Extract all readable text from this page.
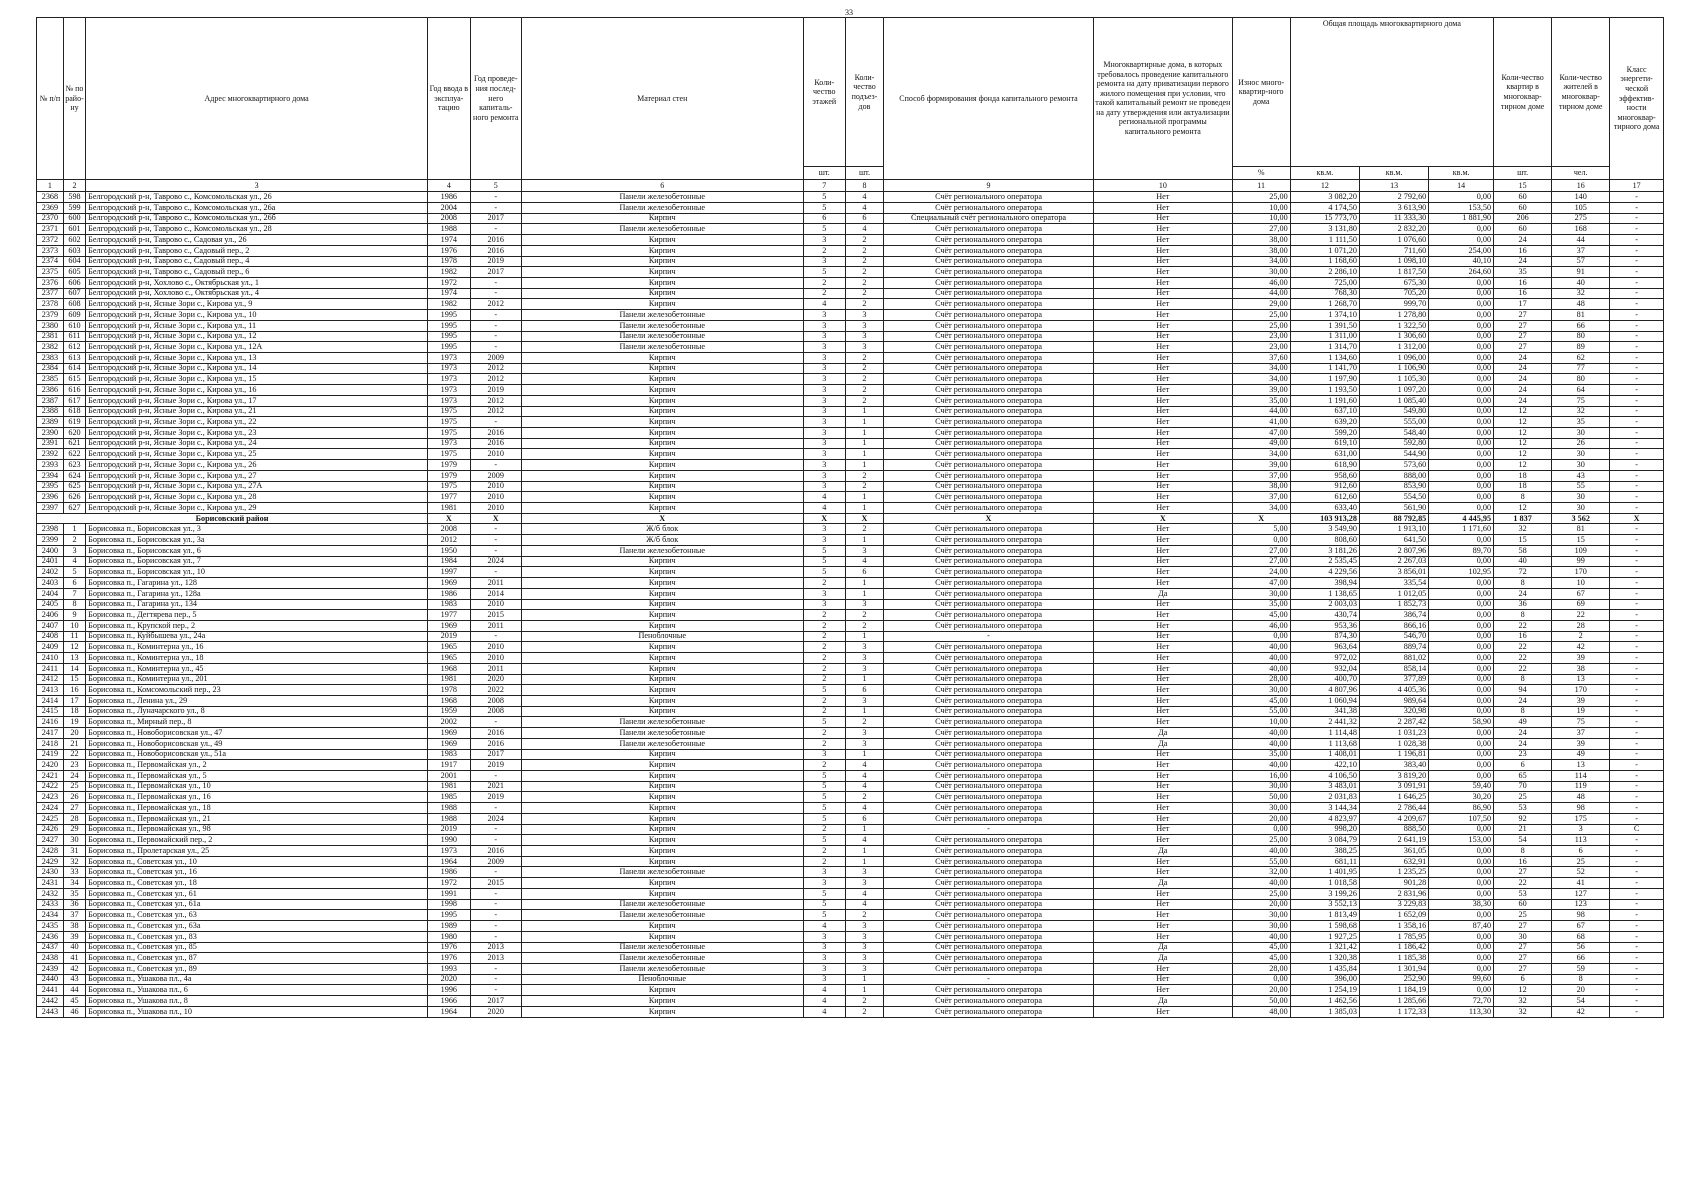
33
№ п/п	№ по райо-ну	Адрес многоквартирного дома	Год ввода в эксплуа-тацию	Год проведе-ния послед-него капиталь-ного ремонта	Материал стен	Коли-чество этажей	Коли-чество подъез-дов	Способ формирования фонда капитального ремонта	Многоквартирные дома, в которых требовалось проведение капитального ремонта на дату приватизации первого жилого помещения при условии, что такой капитальный ремонт не проведен на дату утверждения или актуализации региональной программы капитального ремонта	Износ много-квартир-ного дома	Общая площадь многоквартирного дома			Коли-чество квартир в многоквар-тирном доме	Коли-чество жителей в многоквар-тирном доме	Класс энергети-ческой эффектив-ности многоквар-тирного дома
						шт.	шт.			%	кв.м.	кв.м.	кв.м.	шт.	чел.	
1	2	3	4	5	6	7	8	9	10	11	12	13	14	15	16	17
2368	598	Белгородский р-н, Таврово с., Комсомольская ул., 26	1986	-	Панели железобетонные	5	4	Счёт регионального оператора	Нет	25,00	3 082,20	2 792,60	0,00	60	140	-
2369	599	Белгородский р-н, Таврово с., Комсомольская ул., 26а	2004	-	Панели железобетонные	5	4	Счёт регионального оператора	Нет	10,00	4 174,50	3 613,90	153,50	60	105	-
2370	600	Белгородский р-н, Таврово с., Комсомольская ул., 26б	2008	2017	Кирпич	6	6	Специальный счёт регионального оператора	Нет	10,00	15 773,70	11 333,30	1 881,90	206	275	-
2371	601	Белгородский р-н, Таврово с., Комсомольская ул., 28	1988	-	Панели железобетонные	5	4	Счёт регионального оператора	Нет	27,00	3 131,80	2 832,20	0,00	60	168	-
2372	602	Белгородский р-н, Таврово с., Садовая ул., 26	1974	2016	Кирпич	3	2	Счёт регионального оператора	Нет	38,00	1 111,50	1 076,60	0,00	24	44	-
2373	603	Белгородский р-н, Таврово с., Садовый пер., 2	1976	2016	Кирпич	2	2	Счёт регионального оператора	Нет	38,00	1 071,20	711,60	254,00	16	37	-
2374	604	Белгородский р-н, Таврово с., Садовый пер., 4	1978	2019	Кирпич	3	2	Счёт регионального оператора	Нет	34,00	1 168,60	1 098,10	40,10	24	57	-
2375	605	Белгородский р-н, Таврово с., Садовый пер., 6	1982	2017	Кирпич	5	2	Счёт регионального оператора	Нет	30,00	2 286,10	1 817,50	264,60	35	91	-
2376	606	Белгородский р-н, Хохлово с., Октябрьская ул., 1	1972	-	Кирпич	2	2	Счёт регионального оператора	Нет	46,00	725,00	675,30	0,00	16	40	-
2377	607	Белгородский р-н, Хохлово с., Октябрьская ул., 4	1974	-	Кирпич	2	2	Счёт регионального оператора	Нет	44,00	768,30	705,20	0,00	16	32	-
2378	608	Белгородский р-н, Ясные Зори с., Кирова ул., 9	1982	2012	Кирпич	4	2	Счёт регионального оператора	Нет	29,00	1 268,70	999,70	0,00	17	48	-
2379	609	Белгородский р-н, Ясные Зори с., Кирова ул., 10	1995	-	Панели железобетонные	3	3	Счёт регионального оператора	Нет	25,00	1 374,10	1 278,80	0,00	27	81	-
2380	610	Белгородский р-н, Ясные Зори с., Кирова ул., 11	1995	-	Панели железобетонные	3	3	Счёт регионального оператора	Нет	25,00	1 391,50	1 322,50	0,00	27	66	-
2381	611	Белгородский р-н, Ясные Зори с., Кирова ул., 12	1995	-	Панели железобетонные	3	3	Счёт регионального оператора	Нет	23,00	1 311,00	1 306,60	0,00	27	80	-
2382	612	Белгородский р-н, Ясные Зори с., Кирова ул., 12А	1995	-	Панели железобетонные	3	3	Счёт регионального оператора	Нет	23,00	1 314,70	1 312,00	0,00	27	89	-
2383	613	Белгородский р-н, Ясные Зори с., Кирова ул., 13	1973	2009	Кирпич	3	2	Счёт регионального оператора	Нет	37,60	1 134,60	1 096,00	0,00	24	62	-
2384	614	Белгородский р-н, Ясные Зори с., Кирова ул., 14	1973	2012	Кирпич	3	2	Счёт регионального оператора	Нет	34,00	1 141,70	1 106,90	0,00	24	77	-
2385	615	Белгородский р-н, Ясные Зори с., Кирова ул., 15	1973	2012	Кирпич	3	2	Счёт регионального оператора	Нет	34,00	1 197,90	1 105,30	0,00	24	80	-
2386	616	Белгородский р-н, Ясные Зори с., Кирова ул., 16	1973	2019	Кирпич	3	2	Счёт регионального оператора	Нет	39,00	1 193,50	1 097,20	0,00	24	64	-
2387	617	Белгородский р-н, Ясные Зори с., Кирова ул., 17	1973	2012	Кирпич	3	2	Счёт регионального оператора	Нет	35,00	1 191,60	1 085,40	0,00	24	75	-
2388	618	Белгородский р-н, Ясные Зори с., Кирова ул., 21	1975	2012	Кирпич	3	1	Счёт регионального оператора	Нет	44,00	637,10	549,80	0,00	12	32	-
2389	619	Белгородский р-н, Ясные Зори с., Кирова ул., 22	1975	-	Кирпич	3	1	Счёт регионального оператора	Нет	41,00	639,20	555,00	0,00	12	35	-
2390	620	Белгородский р-н, Ясные Зори с., Кирова ул., 23	1975	2016	Кирпич	3	1	Счёт регионального оператора	Нет	47,00	599,20	548,40	0,00	12	30	-
2391	621	Белгородский р-н, Ясные Зори с., Кирова ул., 24	1973	2016	Кирпич	3	1	Счёт регионального оператора	Нет	49,00	619,10	592,80	0,00	12	26	-
2392	622	Белгородский р-н, Ясные Зори с., Кирова ул., 25	1975	2010	Кирпич	3	1	Счёт регионального оператора	Нет	34,00	631,00	544,90	0,00	12	30	-
2393	623	Белгородский р-н, Ясные Зори с., Кирова ул., 26	1979	-	Кирпич	3	1	Счёт регионального оператора	Нет	39,00	618,90	573,60	0,00	12	30	-
2394	624	Белгородский р-н, Ясные Зори с., Кирова ул., 27	1979	2009	Кирпич	3	2	Счёт регионального оператора	Нет	37,00	958,60	888,00	0,00	18	43	-
2395	625	Белгородский р-н, Ясные Зори с., Кирова ул., 27А	1975	2010	Кирпич	3	2	Счёт регионального оператора	Нет	38,00	912,60	853,90	0,00	18	55	-
2396	626	Белгородский р-н, Ясные Зори с., Кирова ул., 28	1977	2010	Кирпич	4	1	Счёт регионального оператора	Нет	37,00	612,60	554,50	0,00	8	30	-
2397	627	Белгородский р-н, Ясные Зори с., Кирова ул., 29	1981	2010	Кирпич	4	1	Счёт регионального оператора	Нет	34,00	633,40	561,90	0,00	12	30	-
Борисовский район			X	X	X	X	X	X	X	X	103 913,28	88 792,85	4 445,95	1 837	3 562	X
2398	1	Борисовка п., Борисовская ул., 3	2008	-	Ж/б блок	3	2	Счёт регионального оператора	Нет	5,00	3 549,90	1 913,10	1 171,60	32	81	-
2399	2	Борисовка п., Борисовская ул., 3а	2012	-	Ж/б блок	3	1	Счёт регионального оператора	Нет	0,00	808,60	641,50	0,00	15	15	-
2400	3	Борисовка п., Борисовская ул., 6	1950	-	Панели железобетонные	5	3	Счёт регионального оператора	Нет	27,00	3 181,26	2 807,96	89,70	58	109	-
2401	4	Борисовка п., Борисовская ул., 7	1984	2024	Кирпич	5	4	Счёт регионального оператора	Нет	27,00	2 535,45	2 267,03	0,00	40	99	-
2402	5	Борисовка п., Борисовская ул., 10	1997	-	Кирпич	5	6	Счёт регионального оператора	Нет	24,00	4 229,56	3 856,01	102,95	72	170	-
2403	6	Борисовка п., Гагарина ул., 128	1969	2011	Кирпич	2	1	Счёт регионального оператора	Нет	47,00	398,94	335,54	0,00	8	10	-
2404	7	Борисовка п., Гагарина ул., 128а	1986	2014	Кирпич	3	1	Счёт регионального оператора	Да	30,00	1 138,65	1 012,05	0,00	24	67	-
2405	8	Борисовка п., Гагарина ул., 134	1983	2010	Кирпич	3	3	Счёт регионального оператора	Нет	35,00	2 003,03	1 852,73	0,00	36	69	-
2406	9	Борисовка п., Дегтярева пер., 5	1977	2015	Кирпич	2	2	Счёт регионального оператора	Нет	45,00	430,74	386,74	0,00	8	22	-
2407	10	Борисовка п., Крупской пер., 2	1969	2011	Кирпич	2	2	Счёт регионального оператора	Нет	46,00	953,36	866,16	0,00	22	28	-
2408	11	Борисовка п., Куйбышева ул., 24а	2019	-	Пеноблочные	2	1	-	Нет	0,00	874,30	546,70	0,00	16	2	-
2409	12	Борисовка п., Коминтерна ул., 16	1965	2010	Кирпич	2	3	Счёт регионального оператора	Нет	40,00	963,64	889,74	0,00	22	42	-
2410	13	Борисовка п., Коминтерна ул., 18	1965	2010	Кирпич	2	3	Счёт регионального оператора	Нет	40,00	972,02	881,02	0,00	22	39	-
2411	14	Борисовка п., Коминтерна ул., 45	1968	2011	Кирпич	2	3	Счёт регионального оператора	Нет	40,00	932,04	858,14	0,00	22	38	-
2412	15	Борисовка п., Коминтерна ул., 201	1981	2020	Кирпич	2	1	Счёт регионального оператора	Нет	28,00	400,70	377,89	0,00	8	13	-
2413	16	Борисовка п., Комсомольский пер., 23	1978	2022	Кирпич	5	6	Счёт регионального оператора	Нет	30,00	4 807,96	4 405,36	0,00	94	170	-
2414	17	Борисовка п., Ленина ул., 29	1968	2008	Кирпич	2	3	Счёт регионального оператора	Нет	45,00	1 060,94	989,64	0,00	24	39	-
2415	18	Борисовка п., Луначарского ул., 8	1959	2008	Кирпич	2	1	Счёт регионального оператора	Нет	55,00	341,38	320,98	0,00	8	19	-
2416	19	Борисовка п., Мирный пер., 8	2002	-	Панели железобетонные	5	2	Счёт регионального оператора	Нет	10,00	2 441,32	2 287,42	58,90	49	75	-
2417	20	Борисовка п., Новоборисовская ул., 47	1969	2016	Панели железобетонные	2	3	Счёт регионального оператора	Да	40,00	1 114,48	1 031,23	0,00	24	37	-
2418	21	Борисовка п., Новоборисовская ул., 49	1969	2016	Панели железобетонные	2	3	Счёт регионального оператора	Да	40,00	1 113,68	1 028,38	0,00	24	39	-
2419	22	Борисовка п., Новоборисовская ул., 51а	1983	2017	Кирпич	3	1	Счёт регионального оператора	Нет	35,00	1 408,01	1 196,81	0,00	23	49	-
2420	23	Борисовка п., Первомайская ул., 2	1917	2019	Кирпич	2	4	Счёт регионального оператора	Нет	40,00	422,10	383,40	0,00	6	13	-
2421	24	Борисовка п., Первомайская ул., 5	2001	-	Кирпич	5	4	Счёт регионального оператора	Нет	16,00	4 106,50	3 819,20	0,00	65	114	-
2422	25	Борисовка п., Первомайская ул., 10	1981	2021	Кирпич	5	4	Счёт регионального оператора	Нет	30,00	3 483,01	3 091,91	59,40	70	119	-
2423	26	Борисовка п., Первомайская ул., 16	1985	2019	Кирпич	5	2	Счёт регионального оператора	Нет	50,00	2 031,83	1 646,25	30,20	25	48	-
2424	27	Борисовка п., Первомайская ул., 18	1988	-	Кирпич	5	4	Счёт регионального оператора	Нет	30,00	3 144,34	2 786,44	86,90	53	98	-
2425	28	Борисовка п., Первомайская ул., 21	1988	2024	Кирпич	5	6	Счёт регионального оператора	Нет	20,00	4 823,97	4 209,67	107,50	92	175	-
2426	29	Борисовка п., Первомайская ул., 98	2019	-	Кирпич	2	1	-	Нет	0,00	998,20	888,50	0,00	21	3	С
2427	30	Борисовка п., Первомайский пер., 2	1990	-	Кирпич	5	4	Счёт регионального оператора	Нет	25,00	3 084,79	2 641,19	153,00	54	113	-
2428	31	Борисовка п., Пролетарская ул., 25	1973	2016	Кирпич	2	1	Счёт регионального оператора	Да	40,00	388,25	361,05	0,00	8	6	-
2429	32	Борисовка п., Советская ул., 10	1964	2009	Кирпич	2	1	Счёт регионального оператора	Нет	55,00	681,11	632,91	0,00	16	25	-
2430	33	Борисовка п., Советская ул., 16	1986	-	Панели железобетонные	3	3	Счёт регионального оператора	Нет	32,00	1 401,95	1 235,25	0,00	27	52	-
2431	34	Борисовка п., Советская ул., 18	1972	2015	Кирпич	3	3	Счёт регионального оператора	Да	40,00	1 018,58	901,28	0,00	22	41	-
2432	35	Борисовка п., Советская ул., 61	1991	-	Кирпич	5	4	Счёт регионального оператора	Нет	25,00	3 199,26	2 831,96	0,00	53	127	-
2433	36	Борисовка п., Советская ул., 61а	1998	-	Панели железобетонные	5	4	Счёт регионального оператора	Нет	20,00	3 552,13	3 229,83	38,30	60	123	-
2434	37	Борисовка п., Советская ул., 63	1995	-	Панели железобетонные	5	2	Счёт регионального оператора	Нет	30,00	1 813,49	1 652,09	0,00	25	98	-
2435	38	Борисовка п., Советская ул., 63а	1989	-	Кирпич	4	3	Счёт регионального оператора	Нет	30,00	1 598,68	1 358,16	87,40	27	67	-
2436	39	Борисовка п., Советская ул., 83	1980	-	Кирпич	3	3	Счёт регионального оператора	Нет	40,00	1 927,25	1 785,95	0,00	30	68	-
2437	40	Борисовка п., Советская ул., 85	1976	2013	Панели железобетонные	3	3	Счёт регионального оператора	Да	45,00	1 321,42	1 186,42	0,00	27	56	-
2438	41	Борисовка п., Советская ул., 87	1976	2013	Панели железобетонные	3	3	Счёт регионального оператора	Да	45,00	1 320,38	1 185,38	0,00	27	66	-
2439	42	Борисовка п., Советская ул., 89	1993	-	Панели железобетонные	3	3	Счёт регионального оператора	Нет	28,00	1 435,84	1 301,94	0,00	27	59	-
2440	43	Борисовка п., Ушакова пл., 4а	2020	-	Пеноблочные	3	1	-	Нет	0,00	396,00	252,90	99,60	6	8	-
2441	44	Борисовка п., Ушакова пл., 6	1996	-	Кирпич	4	1	Счёт регионального оператора	Нет	20,00	1 254,19	1 184,19	0,00	12	20	-
2442	45	Борисовка п., Ушакова пл., 8	1966	2017	Кирпич	4	2	Счёт регионального оператора	Да	50,00	1 462,56	1 285,66	72,70	32	54	-
2443	46	Борисовка п., Ушакова пл., 10	1964	2020	Кирпич	4	2	Счёт регионального оператора	Нет	48,00	1 385,03	1 172,33	113,30	32	42	-
